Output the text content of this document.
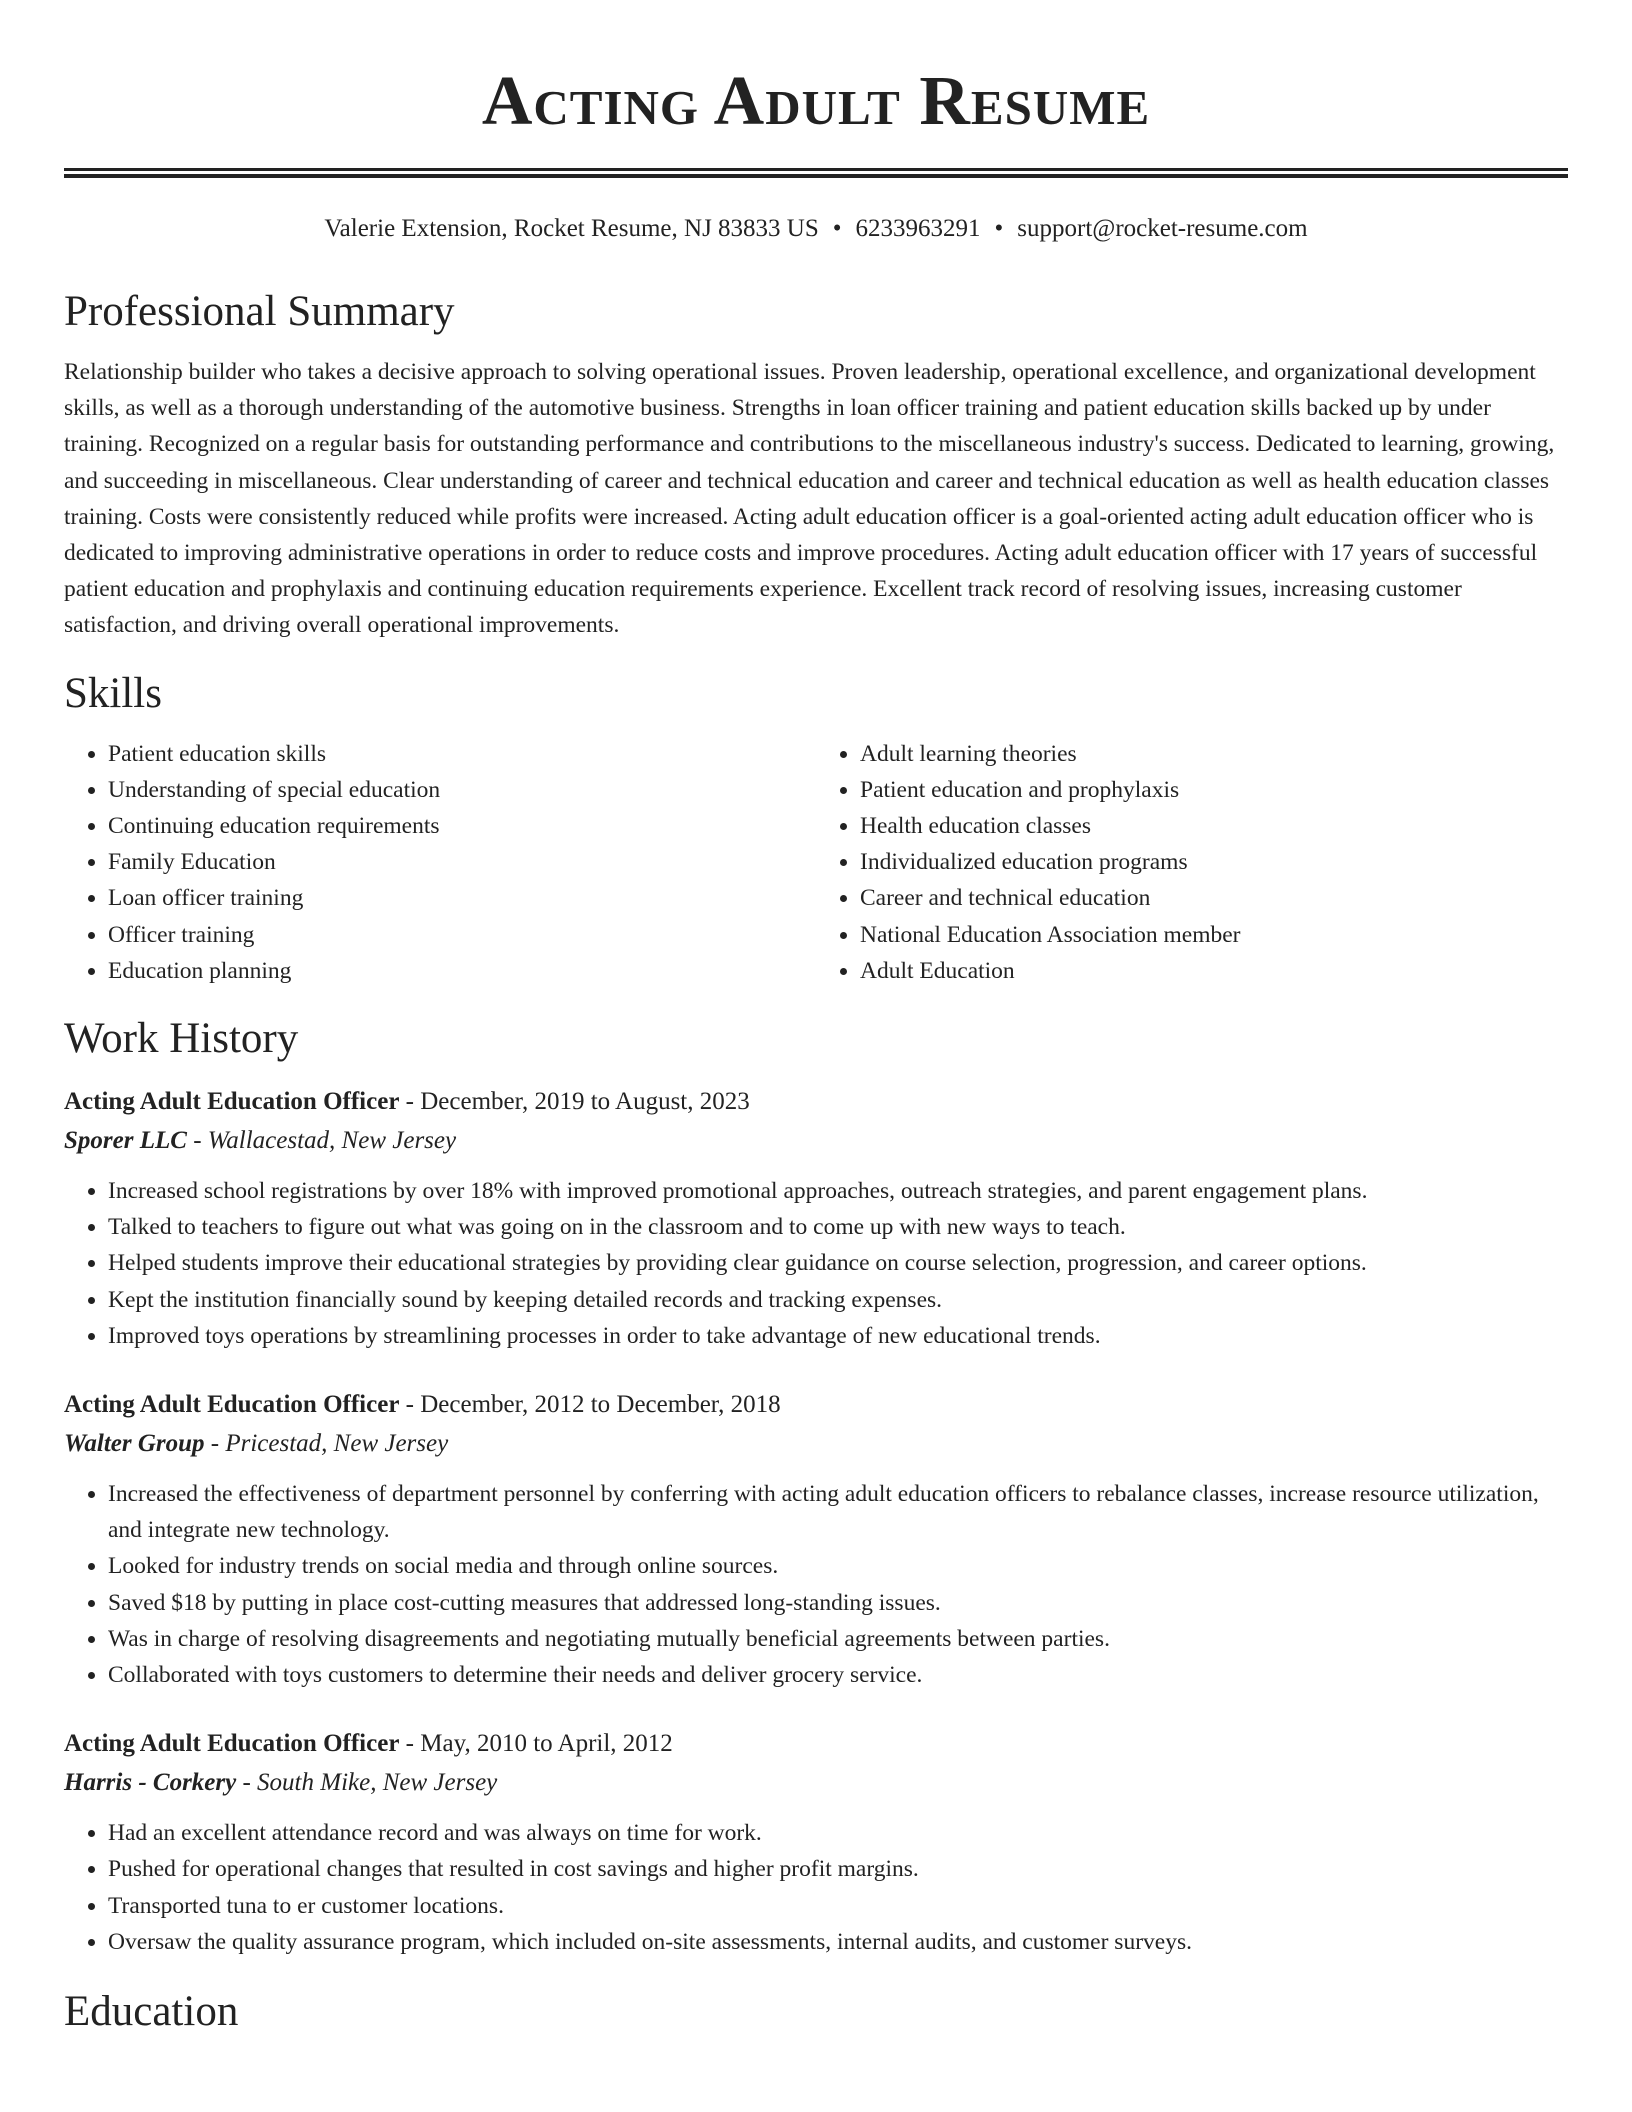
Acting Adult Resume
Valerie Extension, Rocket Resume, NJ 83833 US • 6233963291 • support@rocket-resume.com
Professional Summary

Relationship builder who takes a decisive approach to solving operational issues. Proven leadership, operational excellence, and organizational development skills, as well as a thorough understanding of the automotive business. Strengths in loan officer training and patient education skills backed up by under training. Recognized on a regular basis for outstanding performance and contributions to the miscellaneous industry's success. Dedicated to learning, growing, and succeeding in miscellaneous. Clear understanding of career and technical education and career and technical education as well as health education classes training. Costs were consistently reduced while profits were increased. Acting adult education officer is a goal-oriented acting adult education officer who is dedicated to improving administrative operations in order to reduce costs and improve procedures. Acting adult education officer with 17 years of successful patient education and prophylaxis and continuing education requirements experience. Excellent track record of resolving issues, increasing customer satisfaction, and driving overall operational improvements.

Skills
• Patient education skills
• Understanding of special education
• Continuing education requirements
• Family Education
• Loan officer training
• Officer training
• Education planning
• Adult learning theories
• Patient education and prophylaxis
• Health education classes
• Individualized education programs
• Career and technical education
• National Education Association member
• Adult Education
Work History
Acting Adult Education Officer - December, 2019 to August, 2023
Sporer LLC - Wallacestad, New Jersey
• Increased school registrations by over 18% with improved promotional approaches, outreach strategies, and parent engagement plans.
• Talked to teachers to figure out what was going on in the classroom and to come up with new ways to teach.
• Helped students improve their educational strategies by providing clear guidance on course selection, progression, and career options.
• Kept the institution financially sound by keeping detailed records and tracking expenses.
• Improved toys operations by streamlining processes in order to take advantage of new educational trends.
Acting Adult Education Officer - December, 2012 to December, 2018
Walter Group - Pricestad, New Jersey
• Increased the effectiveness of department personnel by conferring with acting adult education officers to rebalance classes, increase resource utilization, and integrate new technology.
• Looked for industry trends on social media and through online sources.
• Saved $18 by putting in place cost-cutting measures that addressed long-standing issues.
• Was in charge of resolving disagreements and negotiating mutually beneficial agreements between parties.
• Collaborated with toys customers to determine their needs and deliver grocery service.
Acting Adult Education Officer - May, 2010 to April, 2012
Harris - Corkery - South Mike, New Jersey
• Had an excellent attendance record and was always on time for work.
• Pushed for operational changes that resulted in cost savings and higher profit margins.
• Transported tuna to er customer locations.
• Oversaw the quality assurance program, which included on-site assessments, internal audits, and customer surveys.
Education
